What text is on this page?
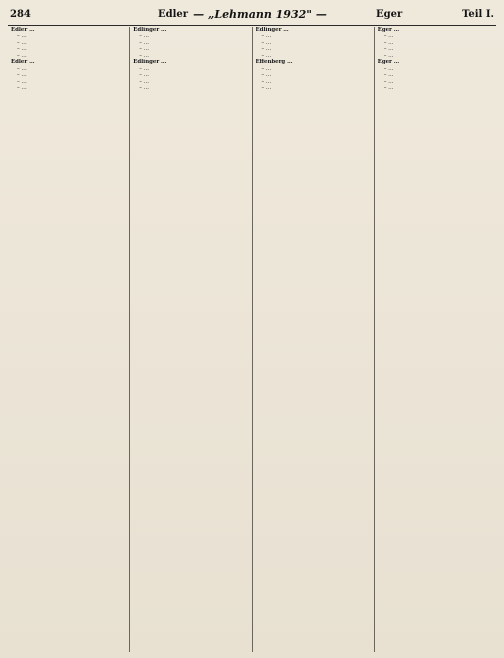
284	Edler — „Lehmann 1932" —	Eger	Teil I.
Edler …
– …
– …
– …
– …
Edler …
– …
– …
– …
– …
Edlinger …
– …
– …
– …
– …
Edlinger …
– …
– …
– …
– …
Edlinger …
– …
– …
– …
– …
Effenberg …
– …
– …
– …
– …
Eger …
– …
– …
– …
– …
Eger …
– …
– …
– …
– …
